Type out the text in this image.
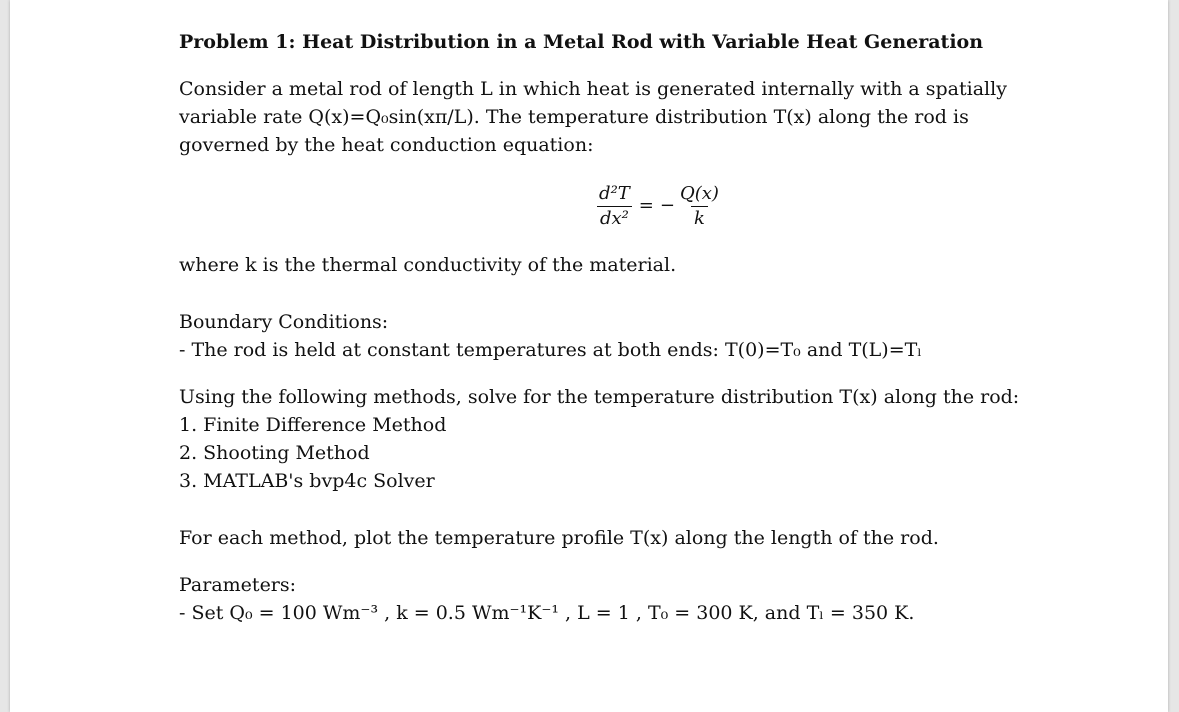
Problem 1: Heat Distribution in a Metal Rod with Variable Heat Generation

Consider a metal rod of length L in which heat is generated internally with a spatially

variable rate Q(x)=Q₀sin(xπ/L). The temperature distribution T(x) along the rod is

governed by the heat conduction equation:

$\frac{\text{d²T}}{\text{dx²}}$ = − $\frac{Q(x)}{k}$

where k is the thermal conductivity of the material.

Boundary Conditions:

- The rod is held at constant temperatures at both ends: T(0)=T₀ and T(L)=Tₗ

Using the following methods, solve for the temperature distribution T(x) along the rod:

1. Finite Difference Method

2. Shooting Method

3. MATLAB's bvp4c Solver

For each method, plot the temperature profile T(x) along the length of the rod.

Parameters:

- Set Q₀ = 100 Wm⁻³ , k = 0.5 Wm⁻¹K⁻¹ , L = 1 , T₀ = 300 K, and Tₗ = 350 K.
